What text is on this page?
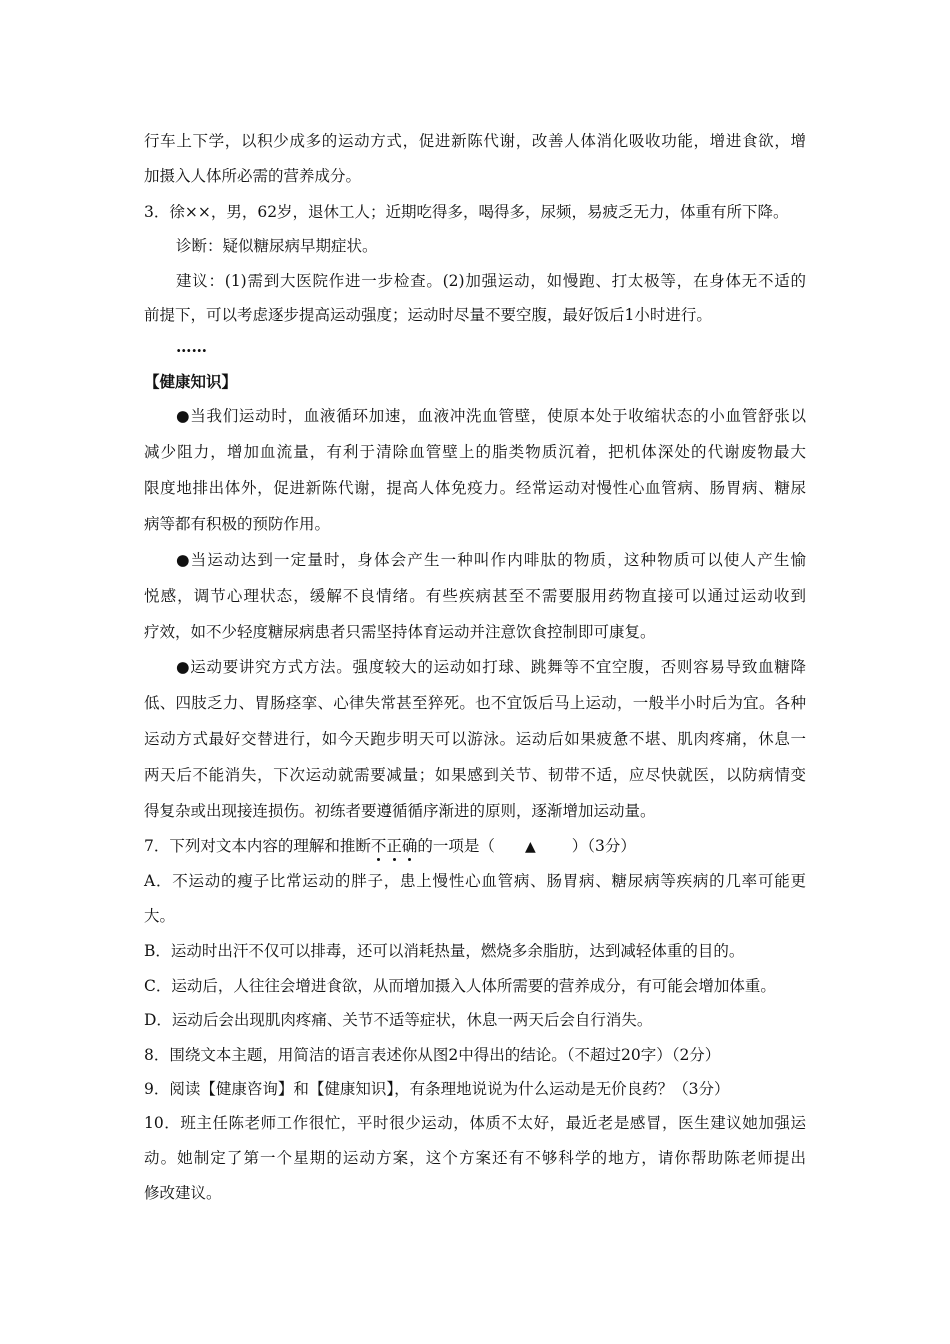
行车上下学，以积少成多的运动方式，促进新陈代谢，改善人体消化吸收功能，增进食欲，增
加摄入人体所必需的营养成分。
3．徐××，男，62岁，退休工人；近期吃得多，喝得多，尿频，易疲乏无力，体重有所下降。
诊断：疑似糖尿病早期症状。
建议：(1)需到大医院作进一步检查。(2)加强运动，如慢跑、打太极等，在身体无不适的
前提下，可以考虑逐步提高运动强度；运动时尽量不要空腹，最好饭后1小时进行。
……
【健康知识】
●当我们运动时，血液循环加速，血液冲洗血管壁，使原本处于收缩状态的小血管舒张以
减少阻力，增加血流量，有利于清除血管壁上的脂类物质沉着，把机体深处的代谢废物最大
限度地排出体外，促进新陈代谢，提高人体免疫力。经常运动对慢性心血管病、肠胃病、糖尿
病等都有积极的预防作用。
●当运动达到一定量时，身体会产生一种叫作内啡肽的物质，这种物质可以使人产生愉
悦感，调节心理状态，缓解不良情绪。有些疾病甚至不需要服用药物直接可以通过运动收到
疗效，如不少轻度糖尿病患者只需坚持体育运动并注意饮食控制即可康复。
●运动要讲究方式方法。强度较大的运动如打球、跳舞等不宜空腹，否则容易导致血糖降
低、四肢乏力、胃肠痉挛、心律失常甚至猝死。也不宜饭后马上运动，一般半小时后为宜。各种
运动方式最好交替进行，如今天跑步明天可以游泳。运动后如果疲惫不堪、肌肉疼痛，休息一
两天后不能消失，下次运动就需要减量；如果感到关节、韧带不适，应尽快就医，以防病情变
得复杂或出现接连损伤。初练者要遵循循序渐进的原则，逐渐增加运动量。
7．下列对文本内容的理解和推断不正确的一项是（ ▲ ）（3分）
A．不运动的瘦子比常运动的胖子，患上慢性心血管病、肠胃病、糖尿病等疾病的几率可能更
大。
B．运动时出汗不仅可以排毒，还可以消耗热量，燃烧多余脂肪，达到减轻体重的目的。
C．运动后，人往往会增进食欲，从而增加摄入人体所需要的营养成分，有可能会增加体重。
D．运动后会出现肌肉疼痛、关节不适等症状，休息一两天后会自行消失。
8．围绕文本主题，用简洁的语言表述你从图2中得出的结论。（不超过20字）（2分）
9．阅读【健康咨询】和【健康知识】，有条理地说说为什么运动是无价良药？（3分）
10．班主任陈老师工作很忙，平时很少运动，体质不太好，最近老是感冒，医生建议她加强运
动。她制定了第一个星期的运动方案，这个方案还有不够科学的地方，请你帮助陈老师提出
修改建议。
